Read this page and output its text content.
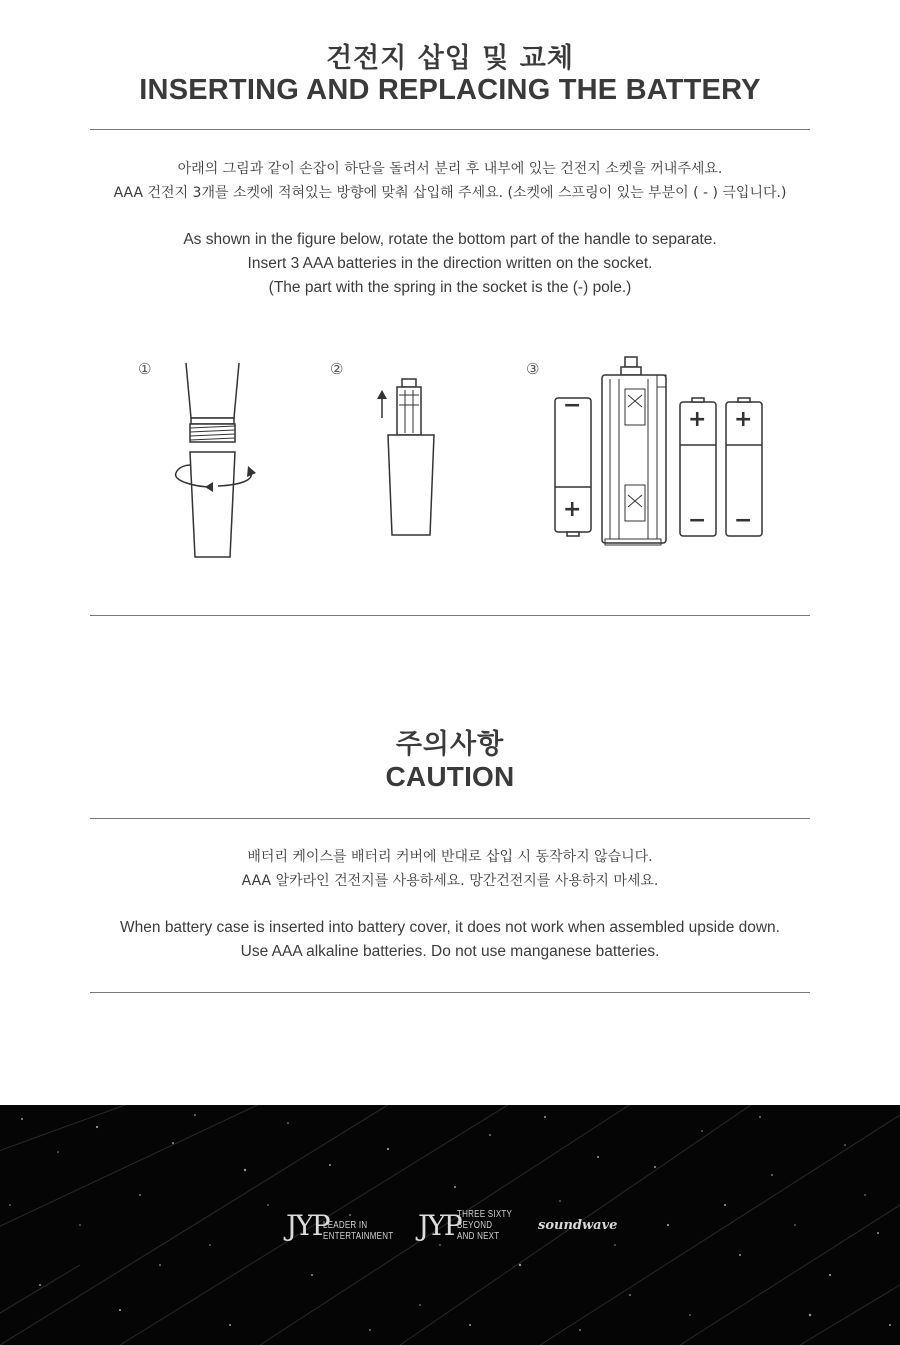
건전지 삽입 및 교체
INSERTING AND REPLACING THE BATTERY
아래의 그림과 같이 손잡이 하단을 돌려서 분리 후 내부에 있는 건전지 소켓을 꺼내주세요.
AAA 건전지 3개를 소켓에 적혀있는 방향에 맞춰 삽입해 주세요. (소켓에 스프링이 있는 부분이 ( - ) 극입니다.)
As shown in the figure below, rotate the bottom part of the handle to separate.
Insert 3 AAA batteries in the direction written on the socket.
(The part with the spring in the socket is the (-) pole.)
①	②	③
−
+
+
−
+
−
주의사항
CAUTION
배터리 케이스를 배터리 커버에 반대로 삽입 시 동작하지 않습니다.
AAA 알카라인 건전지를 사용하세요. 망간건전지를 사용하지 마세요.
When battery case is inserted into battery cover, it does not work when assembled upside down.
Use AAA alkaline batteries. Do not use manganese batteries.
JYP
LEADER IN
ENTERTAINMENT JYP
THREE SIXTY
BEYOND
AND NEXT
soundwave
